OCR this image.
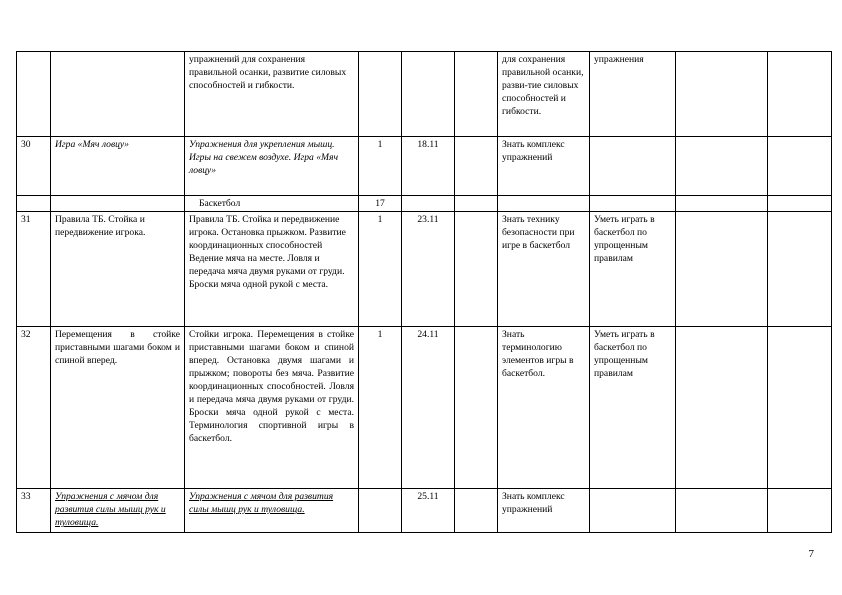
		упражнений для сохранения правильной осанки, развитие силовых способностей и гибкости.				для сохранения правильной осанки, разви-тие силовых способностей и гибкости.	упражнения		
30	Игра «Мяч ловцу»	Упражнения для укрепления мышц. Игры на свежем воздухе. Игра «Мяч ловцу»	1	18.11		Знать комплекс упражнений			
		Баскетбол	17						
31	Правила ТБ. Стойка и передвижение игрока.	Правила ТБ. Стойка и передвижение игрока. Остановка прыжком. Развитие координационных способностей Ведение мяча на месте. Ловля и передача мяча двумя руками от груди. Броски мяча одной рукой с места.	1	23.11		Знать технику безопасности при игре в баскетбол	Уметь играть в баскетбол по упрощенным правилам		
32	Перемещения в стойке приставными шагами боком и спиной вперед.	Стойки игрока. Перемещения в стойке приставными шагами боком и спиной вперед. Остановка двумя шагами и прыжком; повороты без мяча. Развитие координационных способностей. Ловля и передача мяча двумя руками от груди. Броски мяча одной рукой с места. Терминология спортивной игры в баскетбол.	1	24.11		Знать терминологию элементов игры в баскетбол.	Уметь играть в баскетбол по упрощенным правилам		
33	Упражнения с мячом для развития силы мышц рук и туловища.	Упражнения с мячом для развития силы мышц рук и туловища.		25.11		Знать комплекс упражнений			
7
